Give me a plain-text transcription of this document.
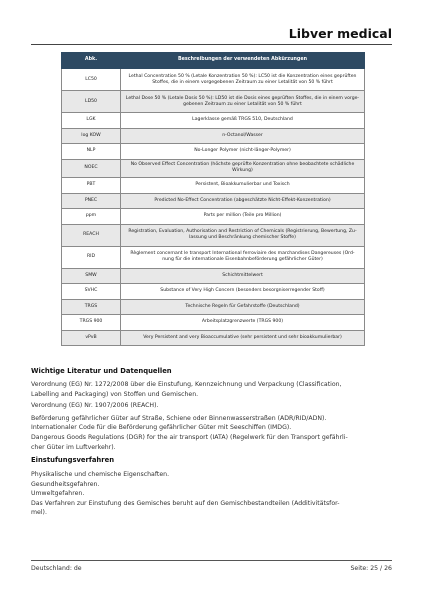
Libver medical
Abk.	Beschreibungen der verwendeten Abkürzungen
LC50	Lethal Concentration 50 % (Letale Konzentration 50 %): LC50 ist die Konzentration eines geprüften
Stoffes, die in einem vorgegebenen Zeitraum zu einer Letalität von 50 % führt

LD50	Lethal Dose 50 % (Letale Dosis 50 %): LD50 ist die Dosis eines geprüften Stoffes, die in einem vorge-
gebenen Zeitraum zu einer Letalität von 50 % führt

LGK	Lagerklasse gemäß TRGS 510, Deutschland

log KOW	n-Octanol/Wasser

NLP	No-Longer Polymer (nicht-länger-Polymer)

NOEC	No Observed Effect Concentration (höchste geprüfte Konzentration ohne beobachtete schädliche
Wirkung)

PBT	Persistent, Bioakkumulierbar und Toxisch

PNEC	Predicted No-Effect Concentration (abgeschätzte Nicht-Effekt-Konzentration)

ppm	Parts per million (Teile pro Million)

REACH	Registration, Evaluation, Authorisation and Restriction of Chemicals (Registrierung, Bewertung, Zu-
lassung und Beschränkung chemischer Stoffe)

RID	Règlement concernant le transport International ferroviaire des marchandises Dangereuses (Ord-
nung für die internationale Eisenbahnbeförderung gefährlicher Güter)

SMW	Schichtmittelwert

SVHC	Substance of Very High Concern (besonders besorgniserregender Stoff)

TRGS	Technische Regeln für Gefahrstoffe (Deutschland)

TRGS 900	Arbeitsplatzgrenzwerte (TRGS 900)

vPvB	Very Persistent and very Bioaccumulative (sehr persistent und sehr bioakkumulierbar)
Wichtige Literatur und Datenquellen
Verordnung (EG) Nr. 1272/2008 über die Einstufung, Kennzeichnung und Verpackung (Classification,
Labelling and Packaging) von Stoffen und Gemischen.
Verordnung (EG) Nr. 1907/2006 (REACH).
Beförderung gefährlicher Güter auf Straße, Schiene oder Binnenwasserstraßen (ADR/RID/ADN).
Internationaler Code für die Beförderung gefährlicher Güter mit Seeschiffen (IMDG).
Dangerous Goods Regulations (DGR) for the air transport (IATA) (Regelwerk für den Transport gefährli-
cher Güter im Luftverkehr).
Einstufungsverfahren
Physikalische und chemische Eigenschaften.
Gesundheitsgefahren.
Umweltgefahren.
Das Verfahren zur Einstufung des Gemisches beruht auf den Gemischbestandteilen (Additivitätsfor-
mel).
Deutschland: de	Seite: 25 / 26
